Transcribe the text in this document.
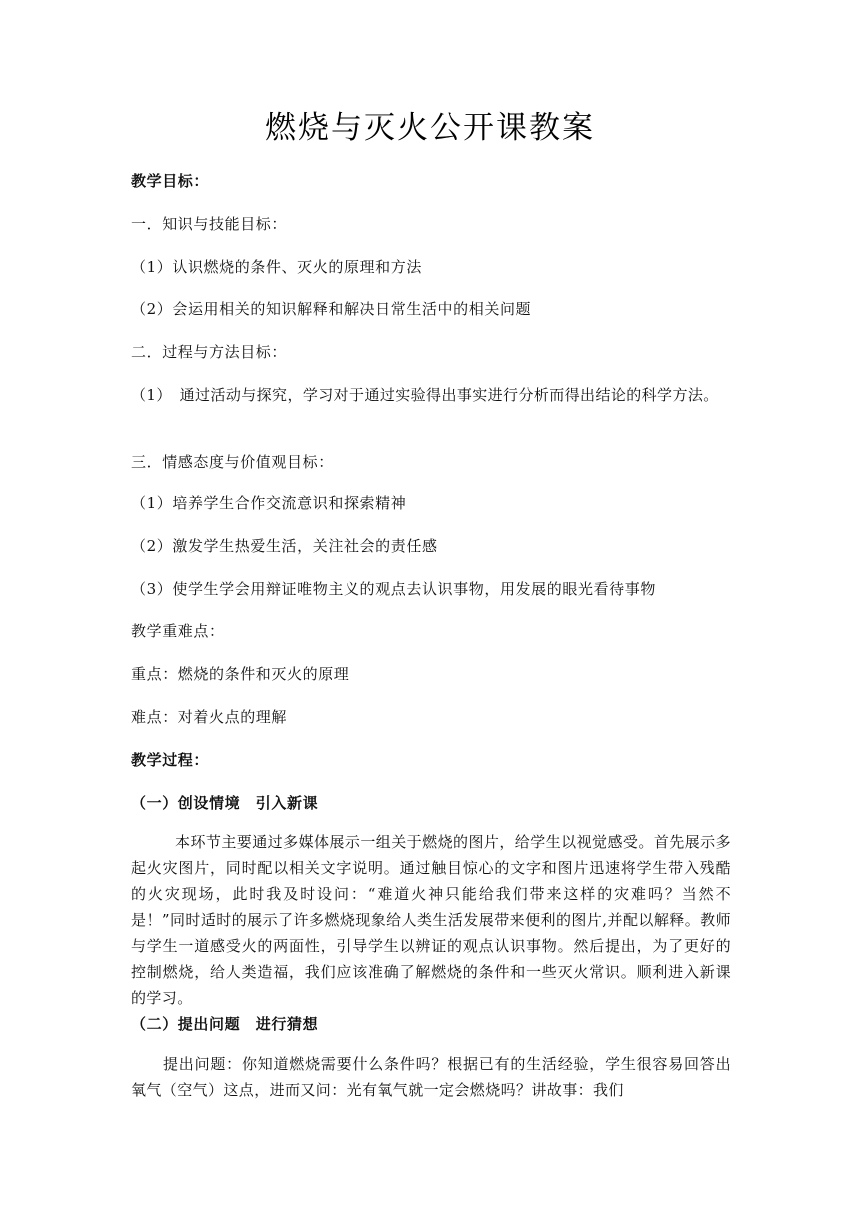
燃烧与灭火公开课教案
教学目标：
一．知识与技能目标：
（1）认识燃烧的条件、灭火的原理和方法
（2）会运用相关的知识解释和解决日常生活中的相关问题
二．过程与方法目标：
（1）　通过活动与探究，学习对于通过实验得出事实进行分析而得出结论的科学方法。
三．情感态度与价值观目标：
（1）培养学生合作交流意识和探索精神
（2）激发学生热爱生活，关注社会的责任感
（3）使学生学会用辩证唯物主义的观点去认识事物，用发展的眼光看待事物
教学重难点：
重点：燃烧的条件和灭火的原理
难点：对着火点的理解
教学过程：
（一）创设情境　引入新课
本环节主要通过多媒体展示一组关于燃烧的图片，给学生以视觉感受。首先展示多起火灾图片，同时配以相关文字说明。通过触目惊心的文字和图片迅速将学生带入残酷的火灾现场，此时我及时设问：“难道火神只能给我们带来这样的灾难吗？当然不是！”同时适时的展示了许多燃烧现象给人类生活发展带来便利的图片,并配以解释。教师与学生一道感受火的两面性，引导学生以辨证的观点认识事物。然后提出，为了更好的控制燃烧，给人类造福，我们应该准确了解燃烧的条件和一些灭火常识。顺利进入新课的学习。
（二）提出问题　进行猜想
提出问题：你知道燃烧需要什么条件吗？根据已有的生活经验，学生很容易回答出氧气（空气）这点，进而又问：光有氧气就一定会燃烧吗？讲故事：我们
